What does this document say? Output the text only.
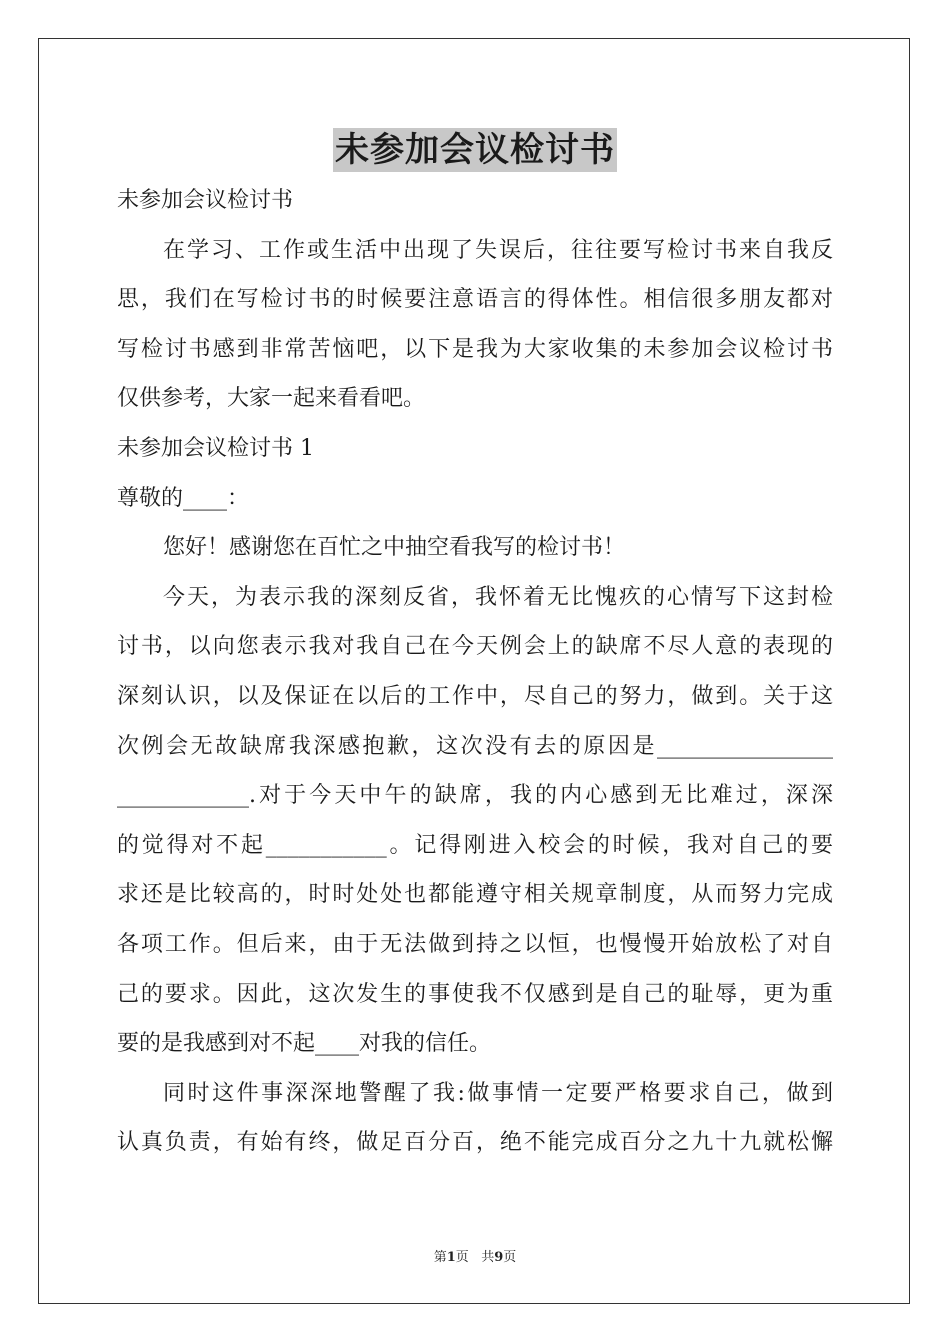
未参加会议检讨书
未参加会议检讨书
在学习、工作或生活中出现了失误后，往往要写检讨书来自我反
思，我们在写检讨书的时候要注意语言的得体性。相信很多朋友都对
写检讨书感到非常苦恼吧，以下是我为大家收集的未参加会议检讨书
仅供参考，大家一起来看看吧。
未参加会议检讨书 1
尊敬的____：
您好！感谢您在百忙之中抽空看我写的检讨书！
今天，为表示我的深刻反省，我怀着无比愧疚的心情写下这封检
讨书，以向您表示我对我自己在今天例会上的缺席不尽人意的表现的
深刻认识，以及保证在以后的工作中，尽自己的努力，做到。关于这
次例会无故缺席我深感抱歉，这次没有去的原因是________________
____________.对于今天中午的缺席，我的内心感到无比难过，深深
的觉得对不起___________。记得刚进入校会的时候，我对自己的要
求还是比较高的，时时处处也都能遵守相关规章制度，从而努力完成
各项工作。但后来，由于无法做到持之以恒，也慢慢开始放松了对自
己的要求。因此，这次发生的事使我不仅感到是自己的耻辱，更为重
要的是我感到对不起____对我的信任。
同时这件事深深地警醒了我:做事情一定要严格要求自己，做到
认真负责，有始有终，做足百分百，绝不能完成百分之九十九就松懈
第1页 共9页
